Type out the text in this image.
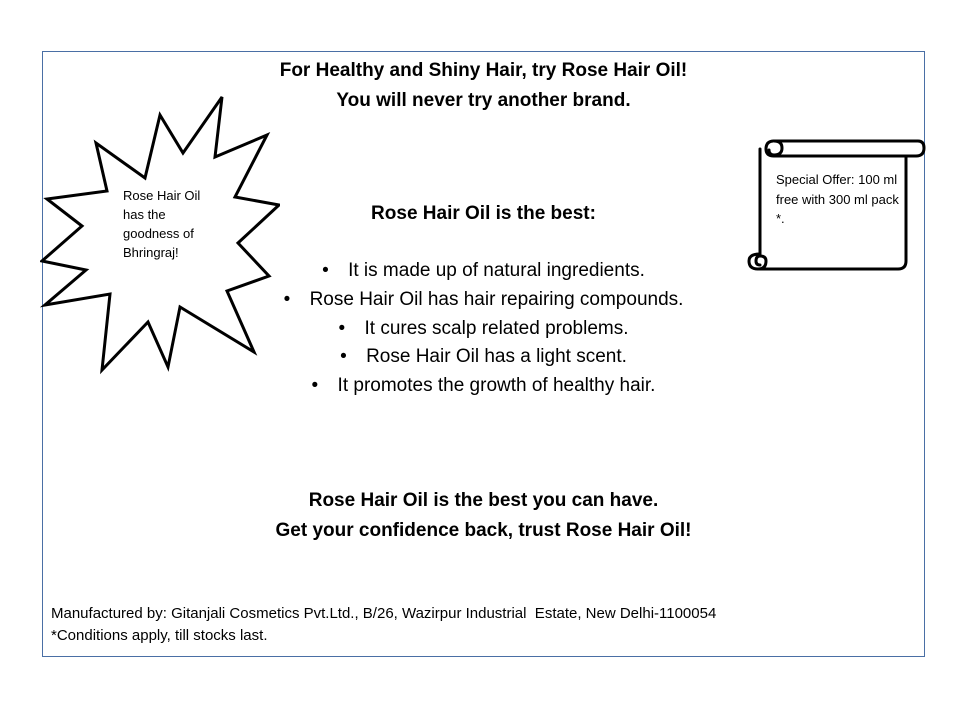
For Healthy and Shiny Hair, try Rose Hair Oil!
You will never try another brand.
Rose Hair Oil has the goodness of Bhringraj!
Special Offer: 100 ml free with 300 ml pack *.
Rose Hair Oil is the best:
• It is made up of natural ingredients.
• Rose Hair Oil has hair repairing compounds.
• It cures scalp related problems.
• Rose Hair Oil has a light scent.
• It promotes the growth of healthy hair.
Rose Hair Oil is the best you can have.
Get your confidence back, trust Rose Hair Oil!
Manufactured by: Gitanjali Cosmetics Pvt.Ltd., B/26, Wazirpur Industrial  Estate, New Delhi-1100054
*Conditions apply, till stocks last.
